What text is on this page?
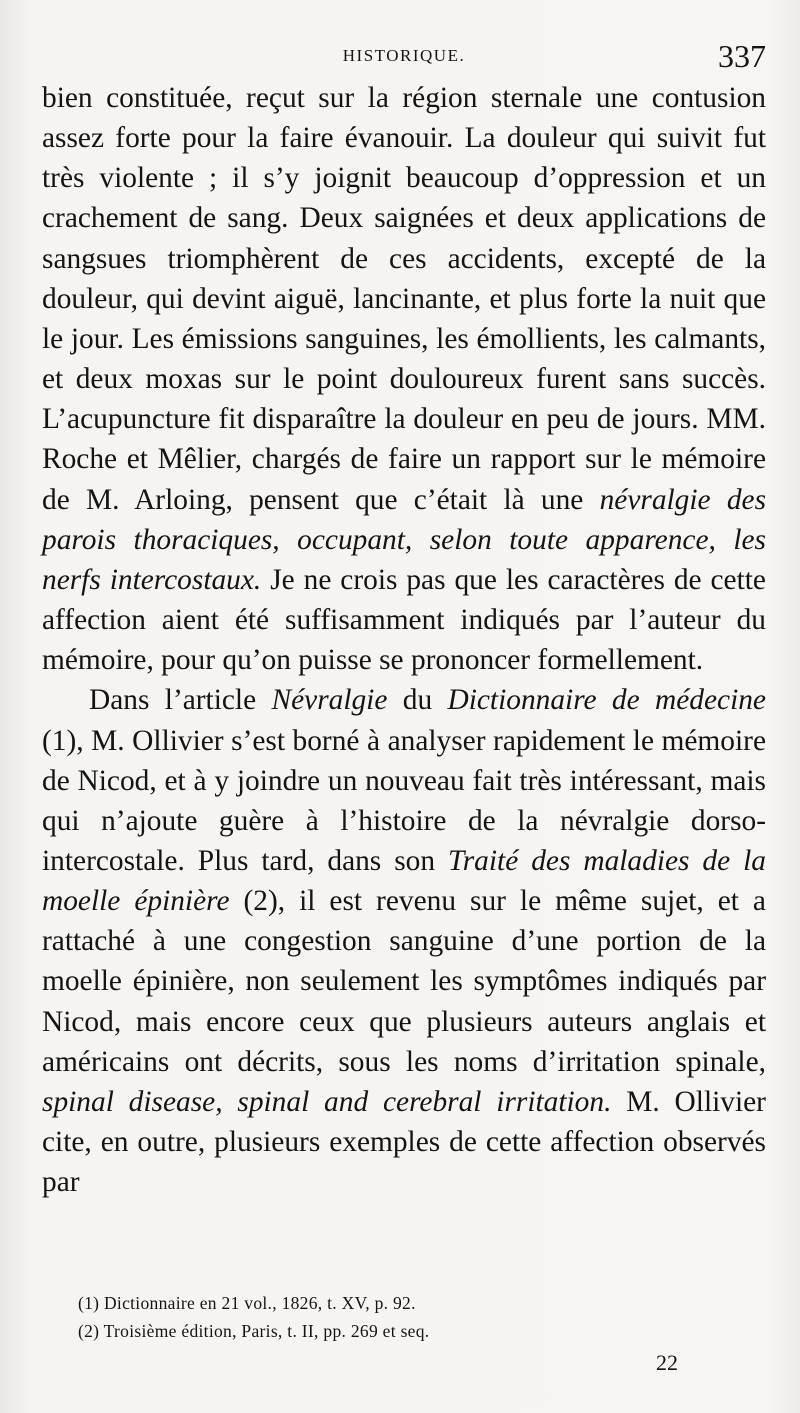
HISTORIQUE.	337

bien constituée, reçut sur la région sternale une contusion assez forte pour la faire évanouir. La douleur qui suivit fut très violente ; il s’y joignit beaucoup d’oppression et un crachement de sang. Deux saignées et deux applications de sangsues triomphèrent de ces accidents, excepté de la douleur, qui devint aiguë, lancinante, et plus forte la nuit que le jour. Les émissions sanguines, les émollients, les calmants, et deux moxas sur le point douloureux furent sans succès. L’acupuncture fit disparaître la douleur en peu de jours. MM. Roche et Mêlier, chargés de faire un rapport sur le mémoire de M. Arloing, pensent que c’était là une névralgie des parois thoraciques, occupant, selon toute apparence, les nerfs intercostaux. Je ne crois pas que les caractères de cette affection aient été suffisamment indiqués par l’auteur du mémoire, pour qu’on puisse se prononcer formellement.

Dans l’article Névralgie du Dictionnaire de médecine (1), M. Ollivier s’est borné à analyser rapidement le mémoire de Nicod, et à y joindre un nouveau fait très intéressant, mais qui n’ajoute guère à l’histoire de la névralgie dorso-intercostale. Plus tard, dans son Traité des maladies de la moelle épinière (2), il est revenu sur le même sujet, et a rattaché à une congestion sanguine d’une portion de la moelle épinière, non seulement les symptômes indiqués par Nicod, mais encore ceux que plusieurs auteurs anglais et américains ont décrits, sous les noms d’irritation spinale, spinal disease, spinal and cerebral irritation. M. Ollivier cite, en outre, plusieurs exemples de cette affection observés par

(1) Dictionnaire en 21 vol., 1826, t. XV, p. 92.
(2) Troisième édition, Paris, t. II, pp. 269 et seq.
22
